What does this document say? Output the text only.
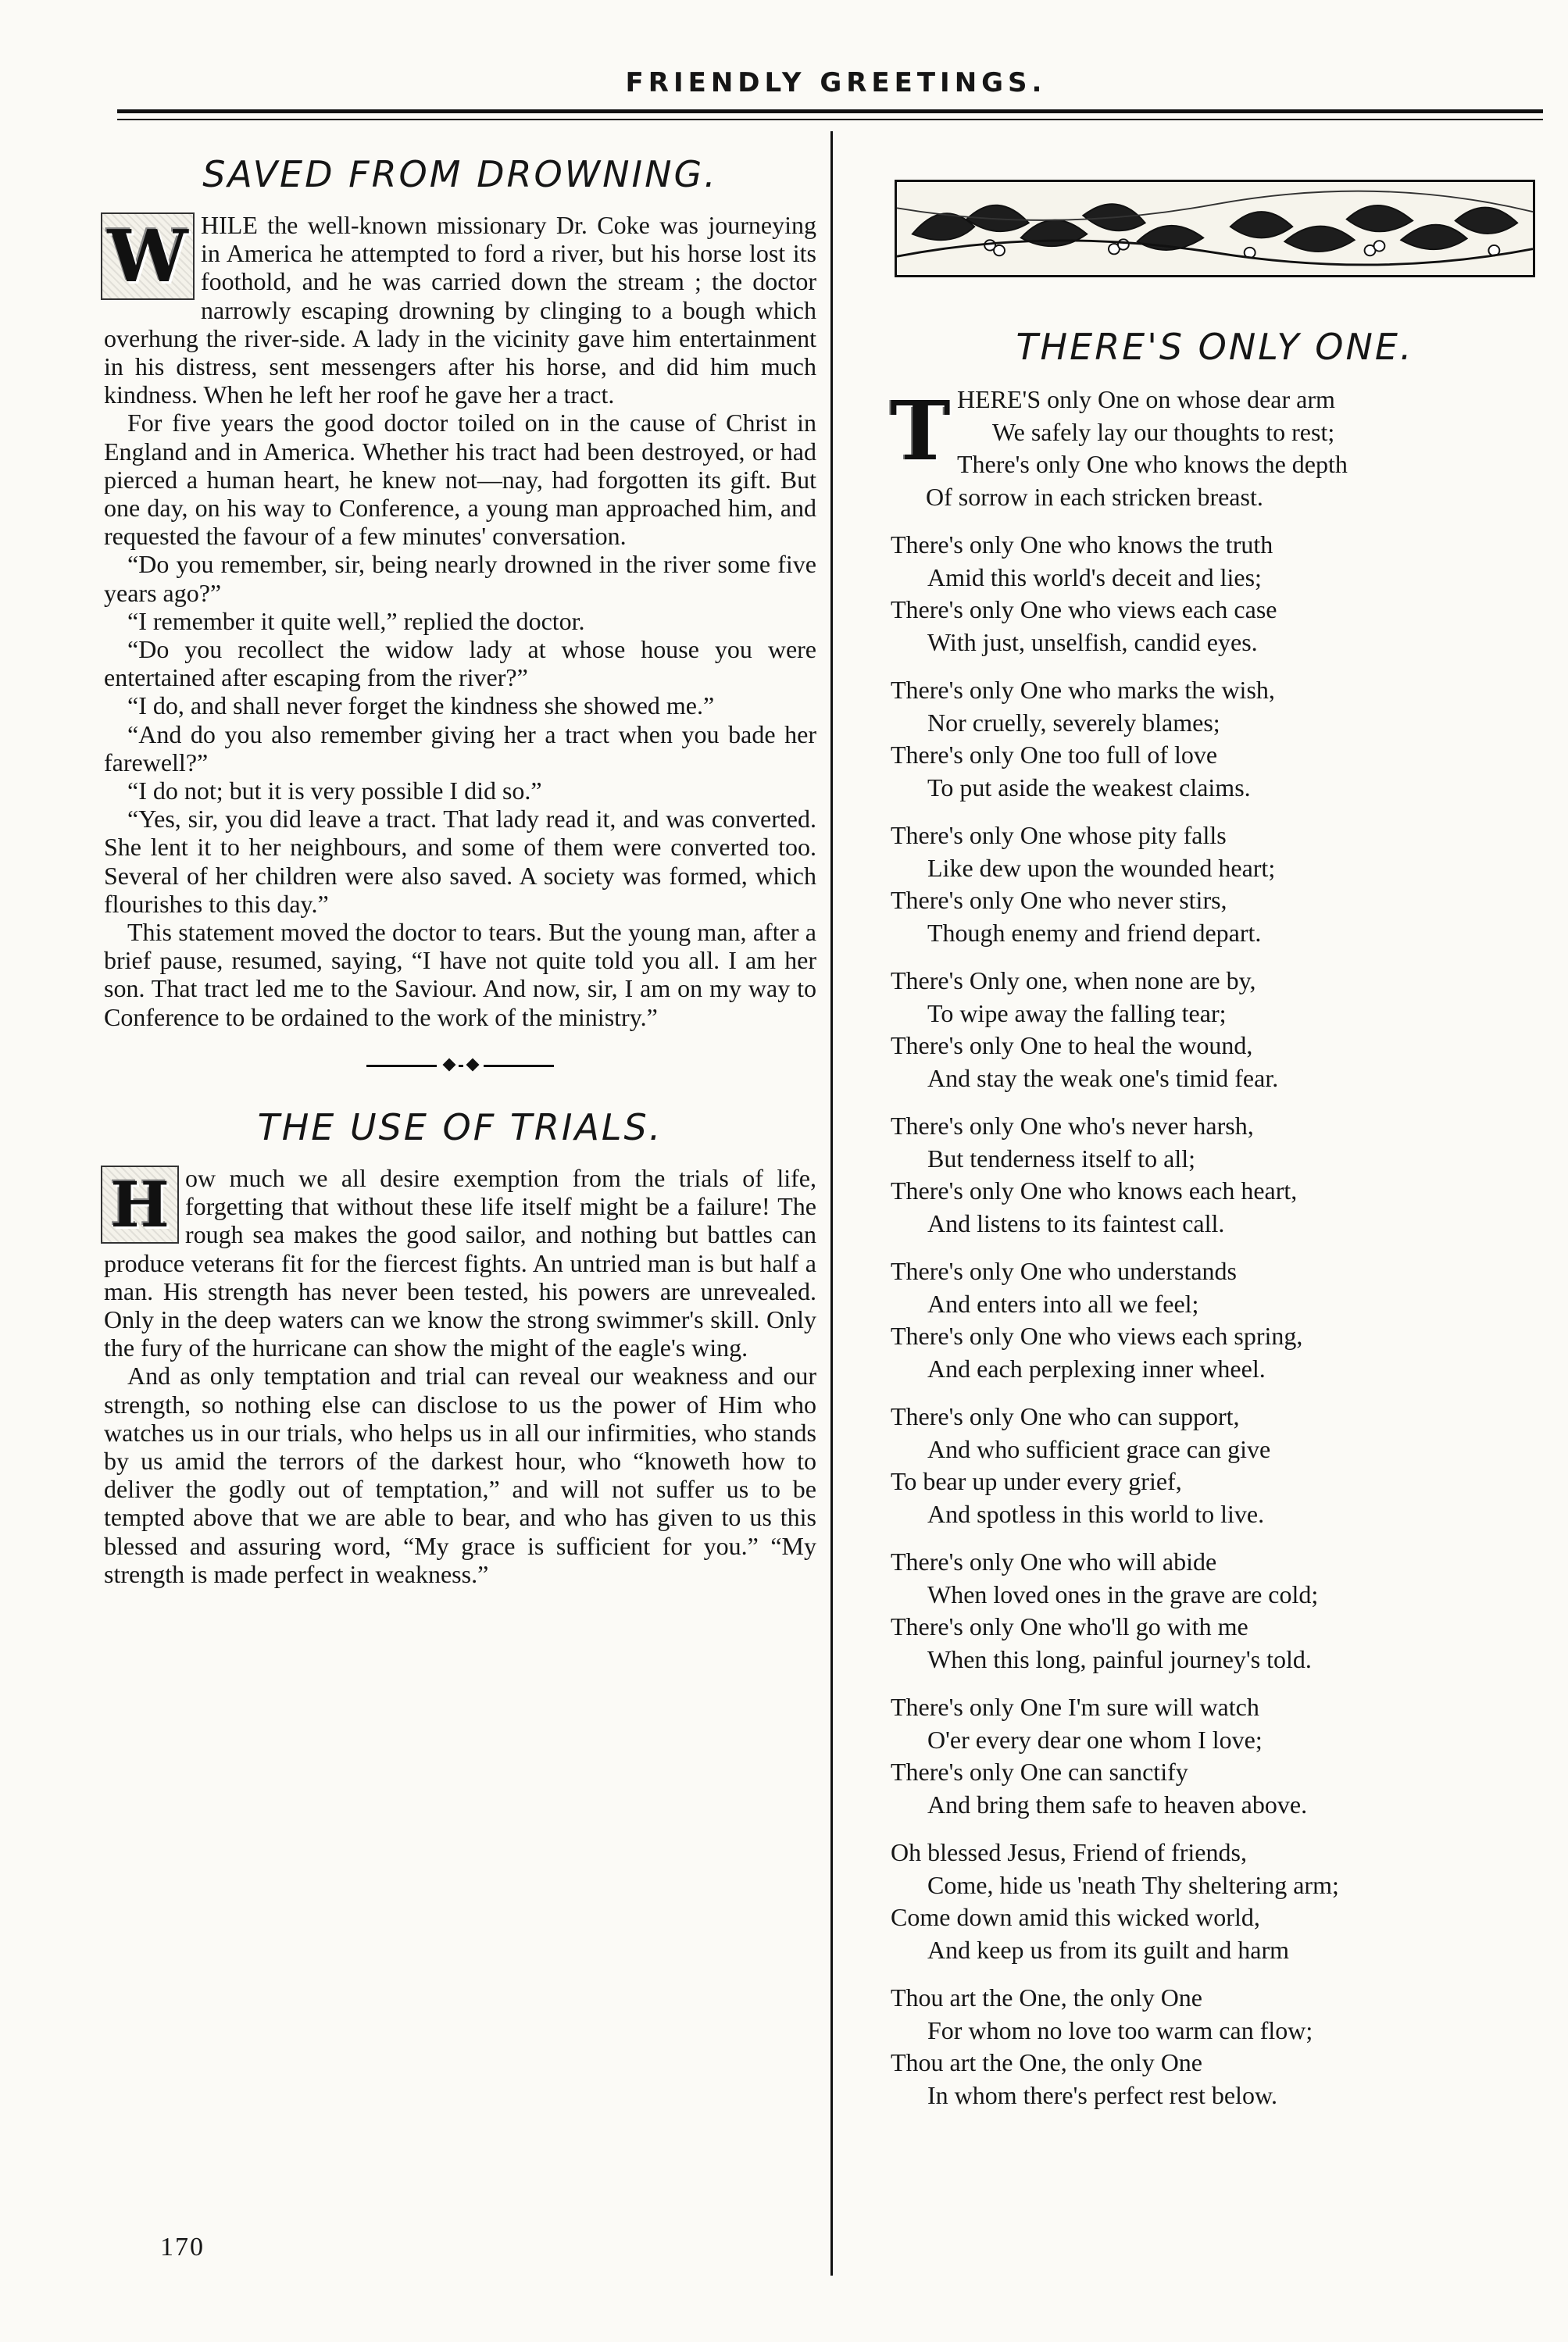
FRIENDLY GREETINGS.
SAVED FROM DROWNING.

W HILE the well-known missionary Dr. Coke was journeying in America he attempted to ford a river, but his horse lost its foothold, and he was carried down the stream ; the doctor narrowly escaping drowning by clinging to a bough which overhung the river-side. A lady in the vicinity gave him entertainment in his distress, sent messengers after his horse, and did him much kindness. When he left her roof he gave her a tract.

For five years the good doctor toiled on in the cause of Christ in England and in America. Whether his tract had been destroyed, or had pierced a human heart, he knew not—nay, had forgotten its gift. But one day, on his way to Conference, a young man approached him, and requested the favour of a few minutes' conversation.

“Do you remember, sir, being nearly drowned in the river some five years ago?”

“I remember it quite well,” replied the doctor.

“Do you recollect the widow lady at whose house you were entertained after escaping from the river?”

“I do, and shall never forget the kindness she showed me.”

“And do you also remember giving her a tract when you bade her farewell?”

“I do not; but it is very possible I did so.”

“Yes, sir, you did leave a tract. That lady read it, and was converted. She lent it to her neighbours, and some of them were converted too. Several of her children were also saved. A society was formed, which flourishes to this day.”

This statement moved the doctor to tears. But the young man, after a brief pause, resumed, saying, “I have not quite told you all. I am her son. That tract led me to the Saviour. And now, sir, I am on my way to Conference to be ordained to the work of the ministry.”

THE USE OF TRIALS.

H ow much we all desire exemption from the trials of life, forgetting that without these life itself might be a failure! The rough sea makes the good sailor, and nothing but battles can produce veterans fit for the fiercest fights. An untried man is but half a man. His strength has never been tested, his powers are unrevealed. Only in the deep waters can we know the strong swimmer's skill. Only the fury of the hurricane can show the might of the eagle's wing.

And as only temptation and trial can reveal our weakness and our strength, so nothing else can disclose to us the power of Him who watches us in our trials, who helps us in all our infirmities, who stands by us amid the terrors of the darkest hour, who “knoweth how to deliver the godly out of temptation,” and will not suffer us to be tempted above that we are able to bear, and who has given to us this blessed and assuring word, “My grace is sufficient for you.” “My strength is made perfect in weakness.”

170
THERE'S ONLY ONE.
T HERE'S only One on whose dear arm
We safely lay our thoughts to rest;
There's only One who knows the depth
Of sorrow in each stricken breast.
There's only One who knows the truth
Amid this world's deceit and lies;
There's only One who views each case
With just, unselfish, candid eyes.
There's only One who marks the wish,
Nor cruelly, severely blames;
There's only One too full of love
To put aside the weakest claims.
There's only One whose pity falls
Like dew upon the wounded heart;
There's only One who never stirs,
Though enemy and friend depart.
There's Only one, when none are by,
To wipe away the falling tear;
There's only One to heal the wound,
And stay the weak one's timid fear.
There's only One who's never harsh,
But tenderness itself to all;
There's only One who knows each heart,
And listens to its faintest call.
There's only One who understands
And enters into all we feel;
There's only One who views each spring,
And each perplexing inner wheel.
There's only One who can support,
And who sufficient grace can give
To bear up under every grief,
And spotless in this world to live.
There's only One who will abide
When loved ones in the grave are cold;
There's only One who'll go with me
When this long, painful journey's told.
There's only One I'm sure will watch
O'er every dear one whom I love;
There's only One can sanctify
And bring them safe to heaven above.
Oh blessed Jesus, Friend of friends,
Come, hide us 'neath Thy sheltering arm;
Come down amid this wicked world,
And keep us from its guilt and harm
Thou art the One, the only One
For whom no love too warm can flow;
Thou art the One, the only One
In whom there's perfect rest below.
